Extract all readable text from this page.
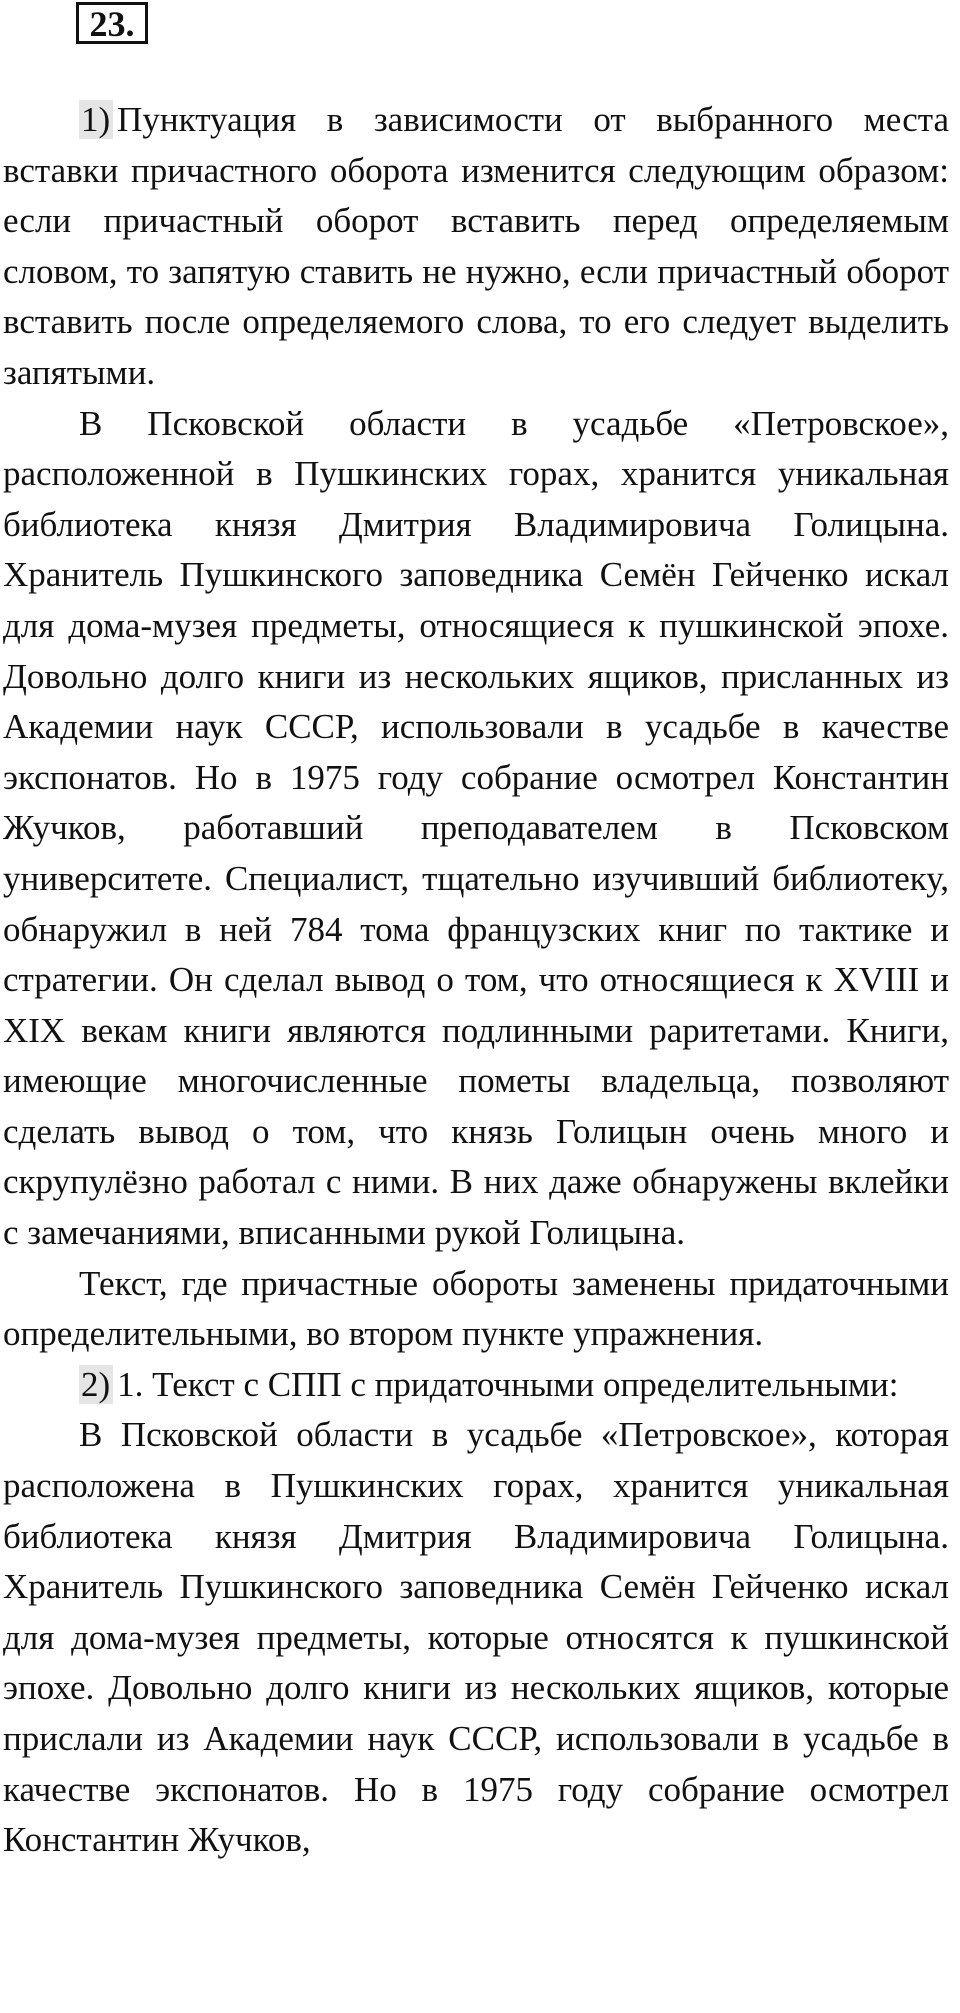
23.

1) Пунктуация в зависимости от выбранного места вставки причастного оборота изменится следующим образом: если причастный оборот вставить перед определяемым словом, то запятую ставить не нужно, если причастный оборот вставить после определяемого слова, то его следует выделить запятыми.

В Псковской области в усадьбе «Петровское», расположенной в Пушкинских горах, хранится уникальная библиотека князя Дмитрия Владимировича Голицына. Хранитель Пушкинского заповедника Семён Гейченко искал для дома-музея предметы, относящиеся к пушкинской эпохе. Довольно долго книги из нескольких ящиков, присланных из Академии наук СССР, использовали в усадьбе в качестве экспонатов. Но в 1975 году собрание осмотрел Константин Жучков, работавший преподавателем в Псковском университете. Специалист, тщательно изучивший библиотеку, обнаружил в ней 784 тома французских книг по тактике и стратегии. Он сделал вывод о том, что относящиеся к XVIII и XIX векам книги являются подлинными раритетами. Книги, имеющие многочисленные пометы владельца, позволяют сделать вывод о том, что князь Голицын очень много и скрупулёзно работал с ними. В них даже обнаружены вклейки с замечаниями, вписанными рукой Голицына.

Текст, где причастные обороты заменены придаточными определительными, во втором пункте упражнения.

2) 1. Текст с СПП с придаточными определительными:

В Псковской области в усадьбе «Петровское», которая расположена в Пушкинских горах, хранится уникальная библиотека князя Дмитрия Владимировича Голицына. Хранитель Пушкинского заповедника Семён Гейченко искал для дома-музея предметы, которые относятся к пушкинской эпохе. Довольно долго книги из нескольких ящиков, которые прислали из Академии наук СССР, использовали в усадьбе в качестве экспонатов. Но в 1975 году собрание осмотрел Константин Жучков,
